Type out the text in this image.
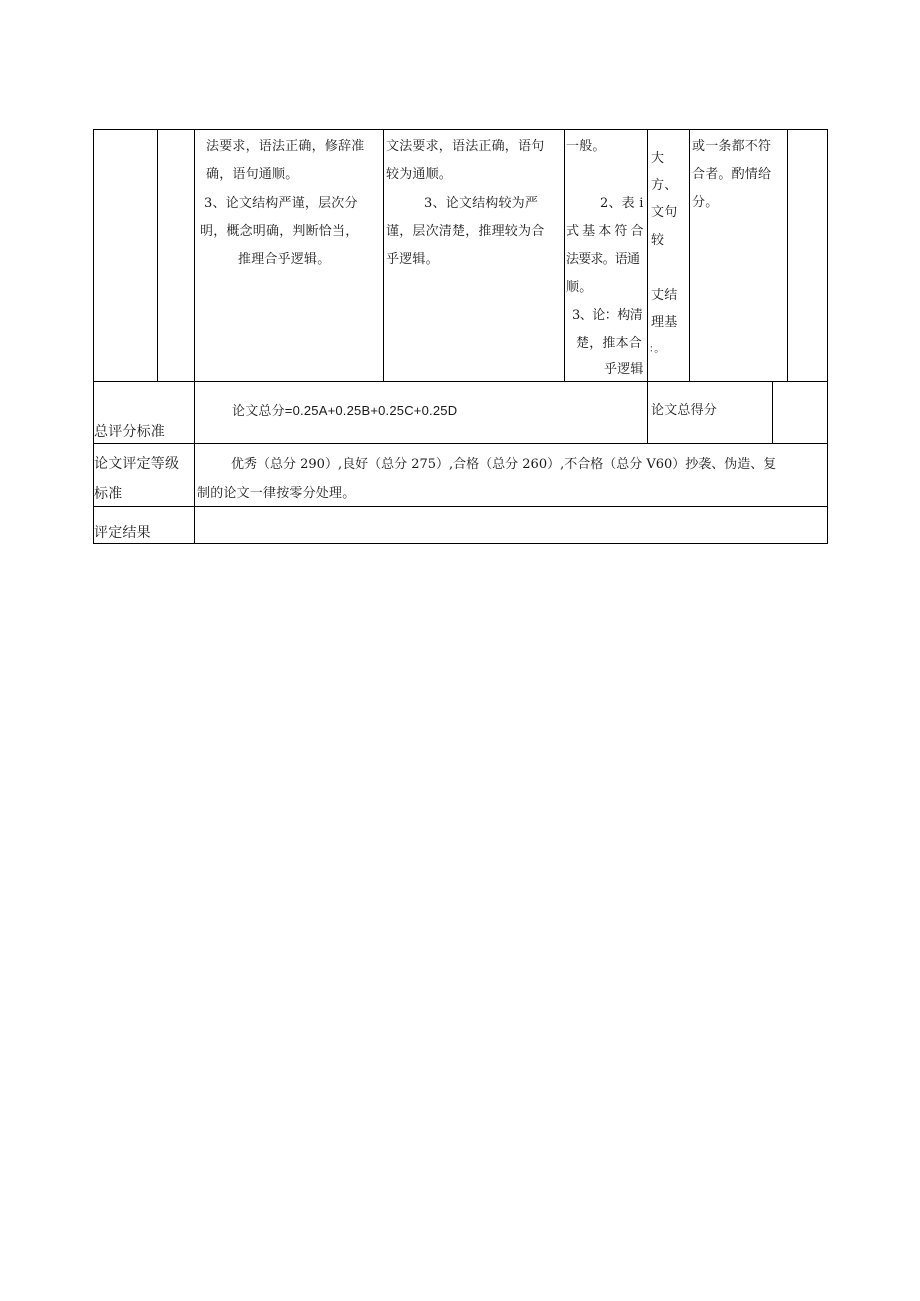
法要求，语法正确，修辞准
确，语句通顺。
3、论文结构严谨，层次分
明，概念明确，判断恰当，
推理合乎逻辑。
文法要求，语法正确，语句
较为通顺。
3、论文结构较为严
谨，层次清楚，推理较为合
乎逻辑。
一般。
2、表 i
式 基 本 符 合
法要求。语通
顺。
3、论：构清
楚，推本合
乎逻辑
大
方、
文句
较
丈结
理基
：。
或一条都不符
合者。酌情给
分。
总评分标准
论文总分=0.25A+0.25B+0.25C+0.25D	论文总得分
论文评定等级
标准
优秀（总分 290）,良好（总分 275）,合格（总分 260）,不合格（总分 V60）抄袭、伪造、复
制的论文一律按零分处理。
评定结果
